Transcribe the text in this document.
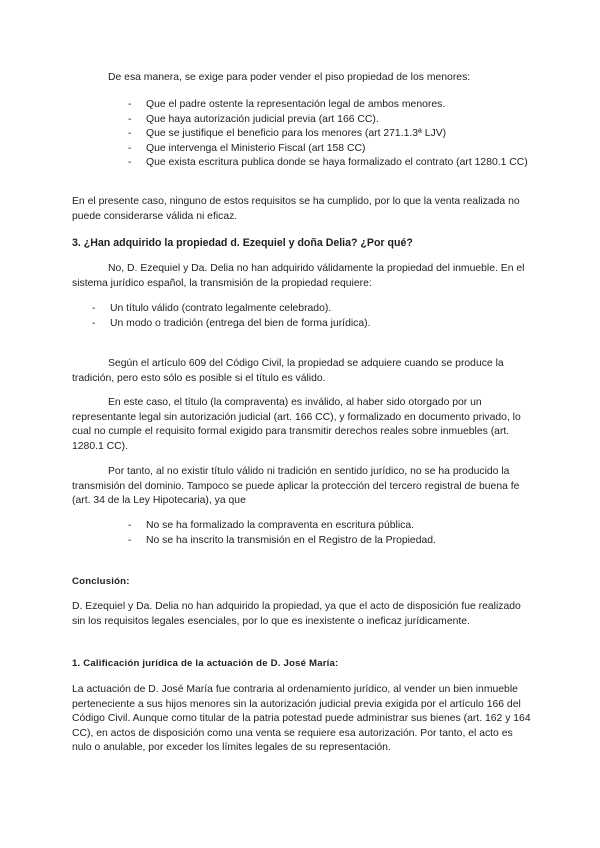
De esa manera, se exige para poder vender el piso propiedad de los menores:

- Que el padre ostente la representación legal de ambos menores.
- Que haya autorización judicial previa (art 166 CC).
- Que se justifique el beneficio para los menores (art 271.1.3ª LJV)
- Que intervenga el Ministerio Fiscal (art 158 CC)
- Que exista escritura publica donde se haya formalizado el contrato (art 1280.1 CC)

En el presente caso, ninguno de estos requisitos se ha cumplido, por lo que la venta realizada no puede considerarse válida ni eficaz.

3. ¿Han adquirido la propiedad d. Ezequiel y doña Delia? ¿Por qué?

No, D. Ezequiel y Da. Delia no han adquirido válidamente la propiedad del inmueble. En el sistema jurídico español, la transmisión de la propiedad requiere:

- Un título válido (contrato legalmente celebrado).
- Un modo o tradición (entrega del bien de forma jurídica).

Según el artículo 609 del Código Civil, la propiedad se adquiere cuando se produce la tradición, pero esto sólo es posible si el título es válido.

En este caso, el título (la compraventa) es inválido, al haber sido otorgado por un representante legal sin autorización judicial (art. 166 CC), y formalizado en documento privado, lo cual no cumple el requisito formal exigido para transmitir derechos reales sobre inmuebles (art. 1280.1 CC).

Por tanto, al no existir título válido ni tradición en sentido jurídico, no se ha producido la transmisión del dominio. Tampoco se puede aplicar la protección del tercero registral de buena fe (art. 34 de la Ley Hipotecaria), ya que

- No se ha formalizado la compraventa en escritura pública.
- No se ha inscrito la transmisión en el Registro de la Propiedad.

Conclusión:

D. Ezequiel y Da. Delia no han adquirido la propiedad, ya que el acto de disposición fue realizado sin los requisitos legales esenciales, por lo que es inexistente o ineficaz jurídicamente.

1. Calificación jurídica de la actuación de D. José María:

La actuación de D. José María fue contraria al ordenamiento jurídico, al vender un bien inmueble perteneciente a sus hijos menores sin la autorización judicial previa exigida por el artículo 166 del Código Civil. Aunque como titular de la patria potestad puede administrar sus bienes (art. 162 y 164 CC), en actos de disposición como una venta se requiere esa autorización. Por tanto, el acto es nulo o anulable, por exceder los límites legales de su representación.
